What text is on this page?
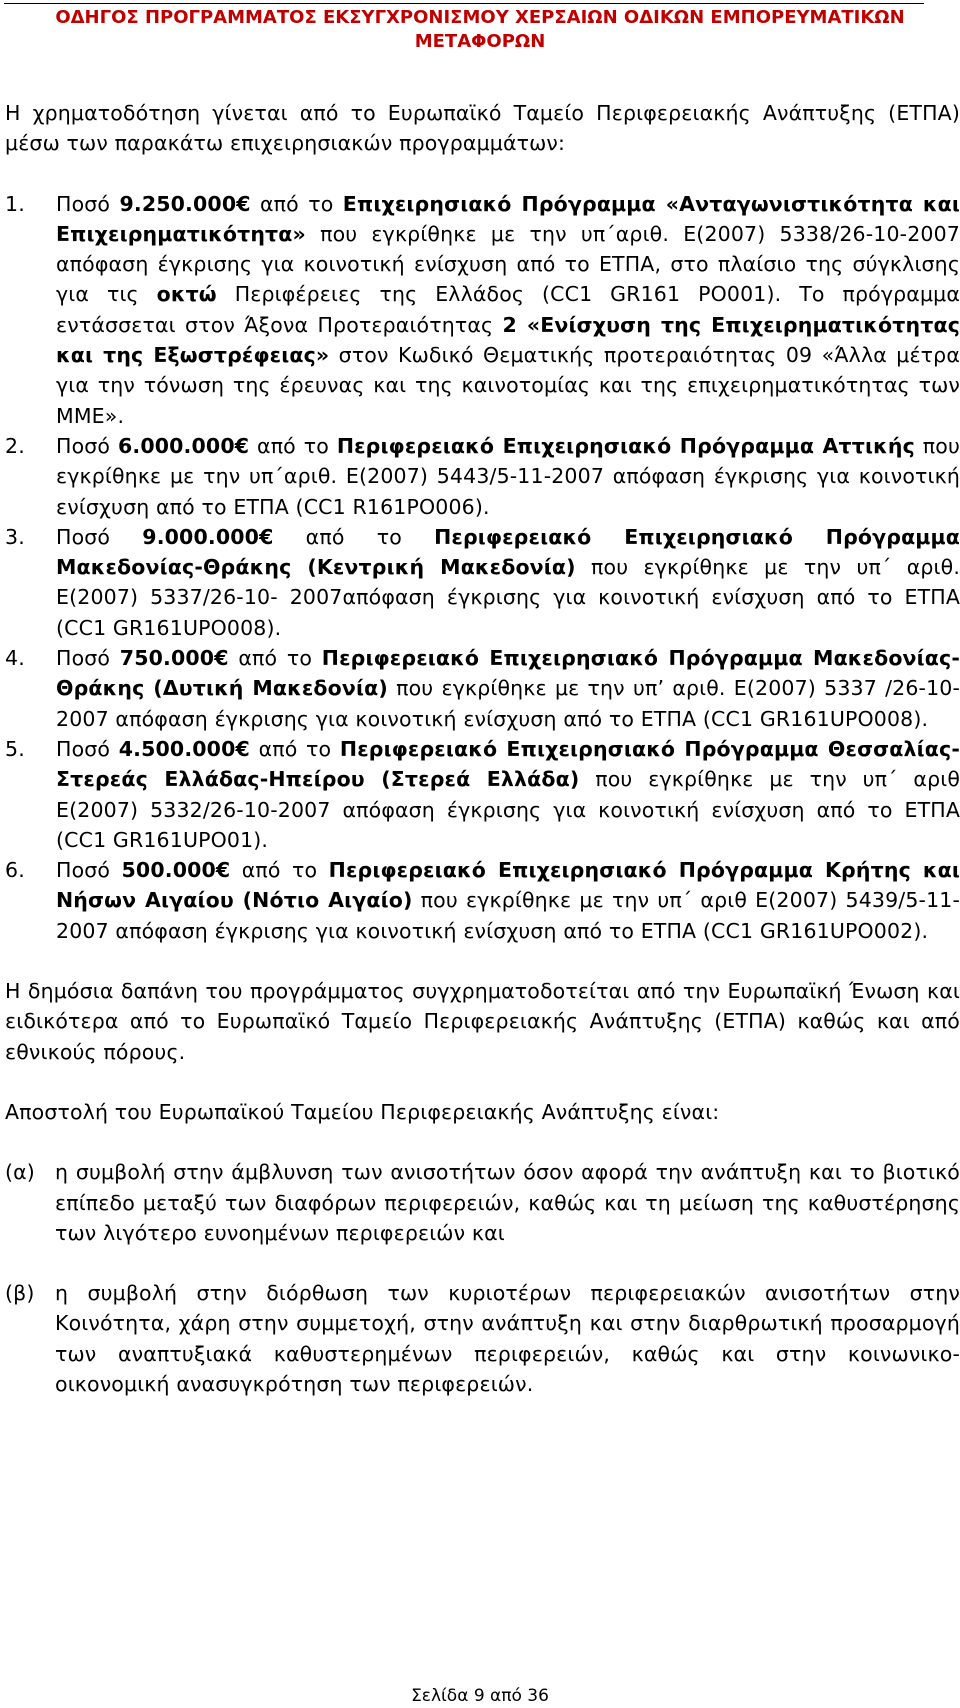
ΟΔΗΓΟΣ ΠΡΟΓΡΑΜΜΑΤΟΣ ΕΚΣΥΓΧΡΟΝΙΣΜΟΥ ΧΕΡΣΑΙΩΝ ΟΔΙΚΩΝ ΕΜΠΟΡΕΥΜΑΤΙΚΩΝ
ΜΕΤΑΦΟΡΩΝ

Η χρηματοδότηση γίνεται από το Ευρωπαϊκό Ταμείο Περιφερειακής Ανάπτυξης (ΕΤΠΑ) μέσω των παρακάτω επιχειρησιακών προγραμμάτων:

1. Ποσό 9.250.000€ από το Επιχειρησιακό Πρόγραμμα «Ανταγωνιστικότητα και Επιχειρηματικότητα» που εγκρίθηκε με την υπ΄αριθ. Ε(2007) 5338/26-10-2007 απόφαση έγκρισης για κοινοτική ενίσχυση από το ΕΤΠΑ, στο πλαίσιο της σύγκλισης για τις οκτώ Περιφέρειες της Ελλάδος (CC1 GR161 PO001). Το πρόγραμμα εντάσσεται στον Άξονα Προτεραιότητας 2 «Ενίσχυση της Επιχειρηματικότητας και της Εξωστρέφειας» στον Κωδικό Θεματικής προτεραιότητας 09 «Άλλα μέτρα για την τόνωση της έρευνας και της καινοτομίας και της επιχειρηματικότητας των ΜΜΕ».
2. Ποσό 6.000.000€ από το Περιφερειακό Επιχειρησιακό Πρόγραμμα Αττικής που εγκρίθηκε με την υπ΄αριθ. Ε(2007) 5443/5-11-2007 απόφαση έγκρισης για κοινοτική ενίσχυση από το ΕΤΠΑ (CC1 R161PO006).
3. Ποσό 9.000.000€ από το Περιφερειακό Επιχειρησιακό Πρόγραμμα Μακεδονίας-Θράκης (Κεντρική Μακεδονία) που εγκρίθηκε με την υπ΄ αριθ. Ε(2007) 5337/26-10- 2007απόφαση έγκρισης για κοινοτική ενίσχυση από το ΕΤΠΑ (CC1 GR161UPO008).
4. Ποσό 750.000€ από το Περιφερειακό Επιχειρησιακό Πρόγραμμα Μακεδονίας-Θράκης (Δυτική Μακεδονία) που εγκρίθηκε με την υπ’ αριθ. Ε(2007) 5337 /26-10-2007 απόφαση έγκρισης για κοινοτική ενίσχυση από το ΕΤΠΑ (CC1 GR161UPO008).
5. Ποσό 4.500.000€ από το Περιφερειακό Επιχειρησιακό Πρόγραμμα Θεσσαλίας-Στερεάς Ελλάδας-Ηπείρου (Στερεά Ελλάδα) που εγκρίθηκε με την υπ΄ αριθ Ε(2007) 5332/26-10-2007 απόφαση έγκρισης για κοινοτική ενίσχυση από το ΕΤΠΑ (CC1 GR161UPO01).
6. Ποσό 500.000€ από το Περιφερειακό Επιχειρησιακό Πρόγραμμα Κρήτης και Νήσων Αιγαίου (Νότιο Αιγαίο) που εγκρίθηκε με την υπ΄ αριθ Ε(2007) 5439/5-11-2007 απόφαση έγκρισης για κοινοτική ενίσχυση από το ΕΤΠΑ (CC1 GR161UPO002).

Η δημόσια δαπάνη του προγράμματος συγχρηματοδοτείται από την Ευρωπαϊκή Ένωση και ειδικότερα από το Ευρωπαϊκό Ταμείο Περιφερειακής Ανάπτυξης (ΕΤΠΑ) καθώς και από εθνικούς πόρους.

Αποστολή του Ευρωπαϊκού Ταμείου Περιφερειακής Ανάπτυξης είναι:

(α) η συμβολή στην άμβλυνση των ανισοτήτων όσον αφορά την ανάπτυξη και το βιοτικό επίπεδο μεταξύ των διαφόρων περιφερειών, καθώς και τη μείωση της καθυστέρησης των λιγότερο ευνοημένων περιφερειών και
(β) η συμβολή στην διόρθωση των κυριοτέρων περιφερειακών ανισοτήτων στην Κοινότητα, χάρη στην συμμετοχή, στην ανάπτυξη και στην διαρθρωτική προσαρμογή των αναπτυξιακά καθυστερημένων περιφερειών, καθώς και στην κοινωνικο-οικονομική ανασυγκρότηση των περιφερειών.
Σελίδα 9 από 36
